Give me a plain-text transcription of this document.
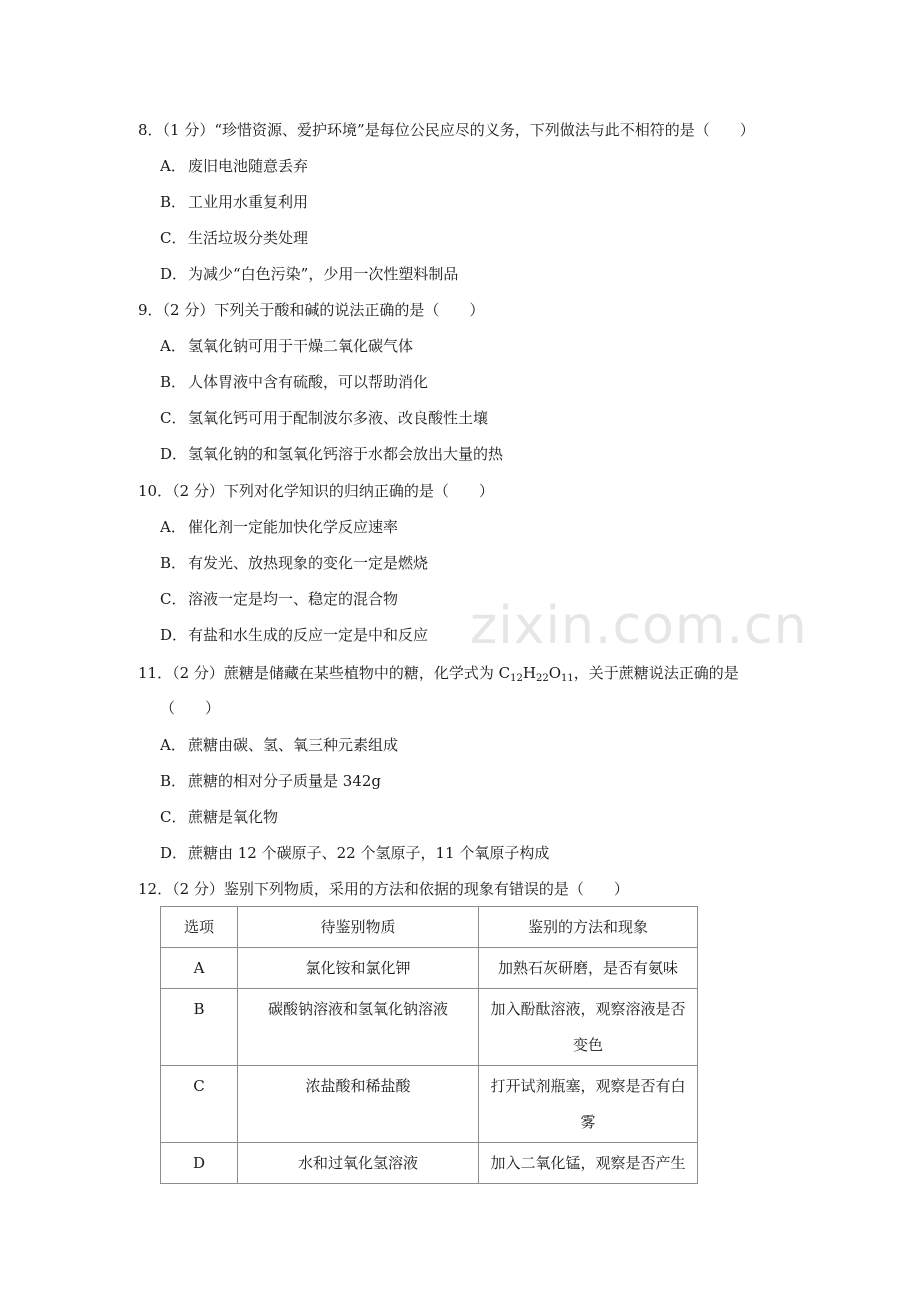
zixin.com.cn
8．（1 分）“珍惜资源、爱护环境”是每位公民应尽的义务，下列做法与此不相符的是（　　）
A． 废旧电池随意丢弃
B． 工业用水重复利用
C． 生活垃圾分类处理
D．为减少“白色污染”，少用一次性塑料制品
9．（2 分）下列关于酸和碱的说法正确的是（　　）
A． 氢氧化钠可用于干燥二氧化碳气体
B． 人体胃液中含有硫酸，可以帮助消化
C． 氢氧化钙可用于配制波尔多液、改良酸性土壤
D．氢氧化钠的和氢氧化钙溶于水都会放出大量的热
10．（2 分）下列对化学知识的归纳正确的是（　　）
A． 催化剂一定能加快化学反应速率
B． 有发光、放热现象的变化一定是燃烧
C． 溶液一定是均一、稳定的混合物
D．有盐和水生成的反应一定是中和反应
11．（2 分）蔗糖是储藏在某些植物中的糖，化学式为 $C_{12}H_{22}O_{11}$，关于蔗糖说法正确的是
（　　）
A． 蔗糖由碳、氢、氧三种元素组成
B． 蔗糖的相对分子质量是 342g
C． 蔗糖是氧化物
D．蔗糖由 12 个碳原子、22 个氢原子，11 个氧原子构成
12．（2 分）鉴别下列物质，采用的方法和依据的现象有错误的是（　　）
选项	待鉴别物质	鉴别的方法和现象
A	氯化铵和氯化钾	加熟石灰研磨，是否有氨味
B	碳酸钠溶液和氢氧化钠溶液	加入酚酞溶液，观察溶液是否
变色

C	浓盐酸和稀盐酸	打开试剂瓶塞，观察是否有白
雾

D	水和过氧化氢溶液	加入二氧化锰，观察是否产生
